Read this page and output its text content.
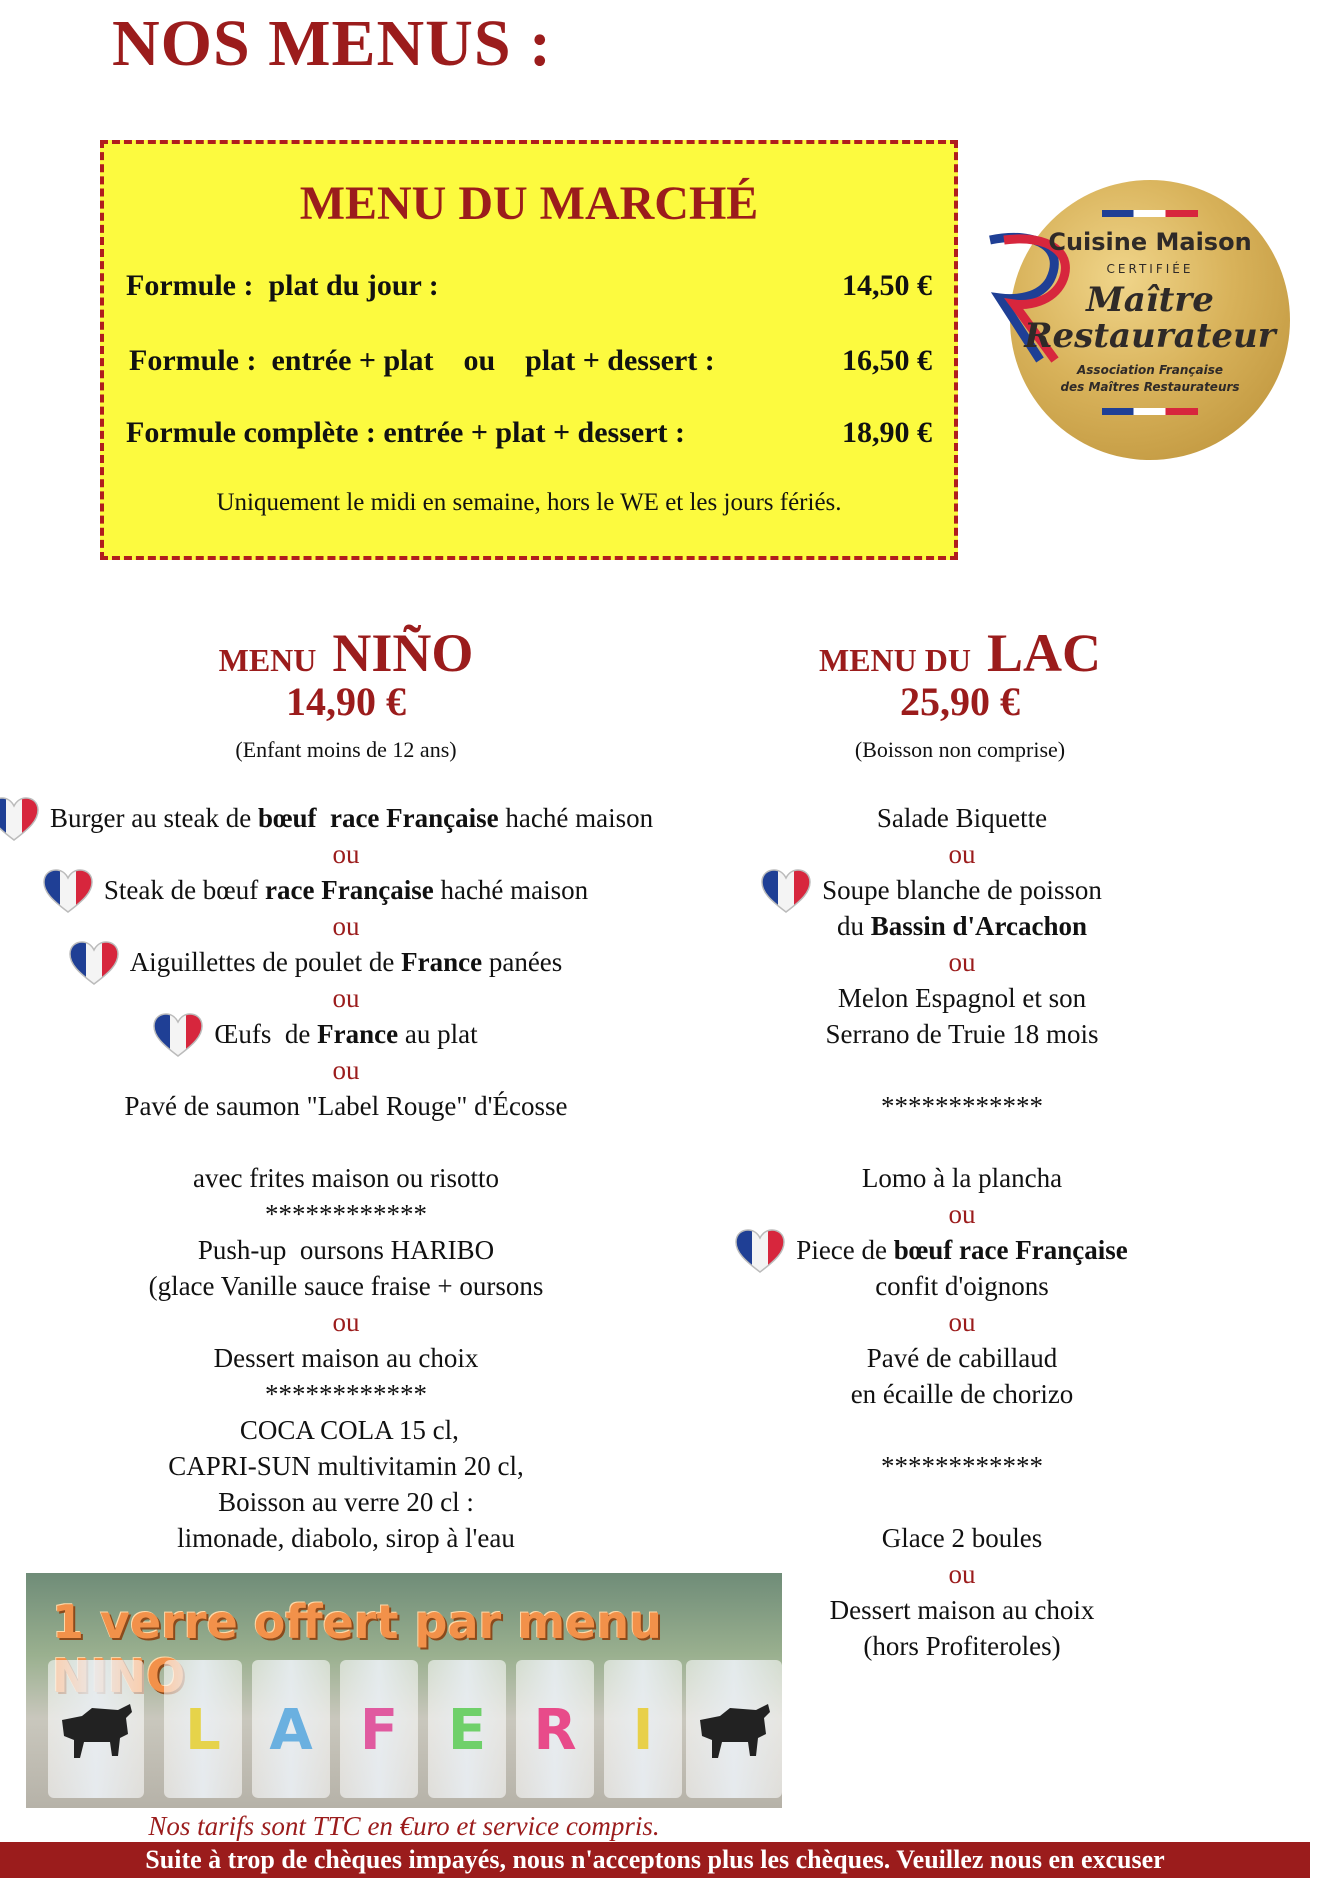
NOS MENUS :
MENU DU MARCHÉ
Formule :  plat du jour :	14,50 €
Formule :  entrée + plat    ou    plat + dessert :	16,50 €
Formule complète : entrée + plat + dessert :	18,90 €
Uniquement le midi en semaine, hors le WE et les jours fériés.
Cuisine Maison
CERTIFIÉE
Maître
Restaurateur
Association Française
des Maîtres Restaurateurs
MENU  NIÑO
14,90 €
(Enfant moins de 12 ans)
MENU DU  LAC
25,90 €
(Boisson non comprise)
Burger au steak de bœuf  race Française haché maison
ou
Steak de bœuf race Française haché maison
ou
Aiguillettes de poulet de France panées
ou
Œufs  de France au plat
ou
Pavé de saumon "Label Rouge" d'Écosse
avec frites maison ou risotto
************
Push-up  oursons HARIBO
(glace Vanille sauce fraise + oursons
ou
Dessert maison au choix
************
COCA COLA 15 cl,
CAPRI-SUN multivitamin 20 cl,
Boisson au verre 20 cl :
limonade, diabolo, sirop à l'eau
Salade Biquette
ou
Soupe blanche de poisson
du Bassin d'Arcachon
ou
Melon Espagnol et son
Serrano de Truie 18 mois
************
Lomo à la plancha
ou
Piece de bœuf race Française
confit d'oignons
ou
Pavé de cabillaud
en écaille de chorizo
************
Glace 2 boules
ou
Dessert maison au choix
(hors Profiteroles)
1 verre offert par menu
L A F E R	I
Nos tarifs sont TTC en €uro et service compris.
Suite à trop de chèques impayés, nous n'acceptons plus les chèques. Veuillez nous en excuser
